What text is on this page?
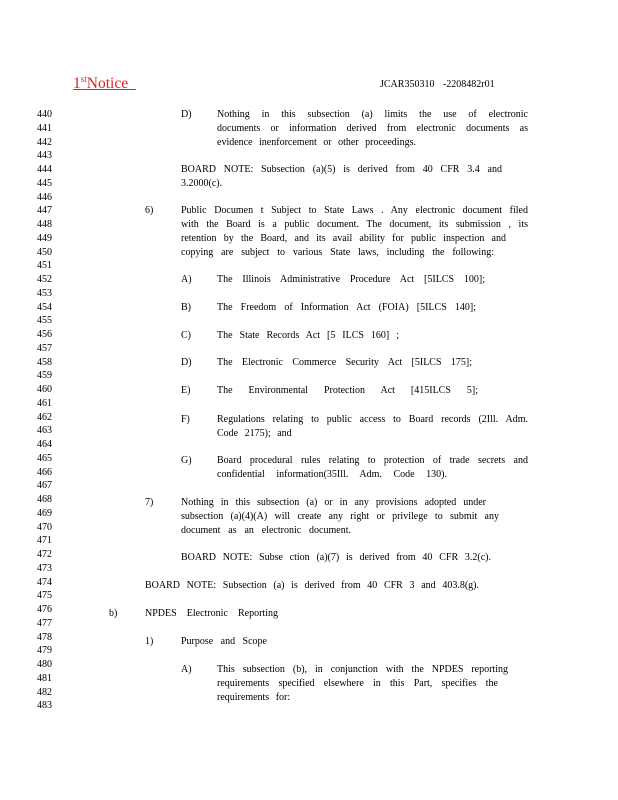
1stNotice	JCAR350310 -2208482r01
440
441
442
443
444
445
446
447
448
449
450
451
452
453
454
455
456
457
458
459
460
461
462
463
464
465
466
467
468
469
470
471
472
473
474
475
476
477
478
479
480
481
482
483
D)	Nothing in this subsection (a) limits the use of electronic
documents or information derived from electronic documents as
evidence inenforcement or other proceedings.
BOARD NOTE: Subsection (a)(5) is derived from 40 CFR 3.4 and
3.2000(c).
6)	Public Documen t Subject to State Laws . Any electronic document filed
with the Board is a public document. The document, its submission , its
retention by the Board, and its avail ability for public inspection and
copying are subject to various State laws, including the following:
A)	The Illinois Administrative Procedure Act [5ILCS 100];
B)	The Freedom of Information Act (FOIA) [5ILCS 140];
C)	The State Records Act [5 ILCS 160] ;
D)	The Electronic Commerce Security Act [5ILCS 175];
E)	The Environmental Protection Act [415ILCS 5];
F)	Regulations relating to public access to Board records (2Ill. Adm.
Code 2175); and
G)	Board procedural rules relating to protection of trade secrets and
confidential information(35Ill. Adm. Code 130).
7)	Nothing in this subsection (a) or in any provisions adopted under
subsection (a)(4)(A) will create any right or privilege to submit any
document as an electronic document.
BOARD NOTE: Subse ction (a)(7) is derived from 40 CFR 3.2(c).
BOARD NOTE: Subsection (a) is derived from 40 CFR 3 and 403.8(g).
b)	NPDES Electronic Reporting
1)	Purpose and Scope
A)	This subsection (b), in conjunction with the NPDES reporting
requirements specified elsewhere in this Part, specifies the
requirements for:
